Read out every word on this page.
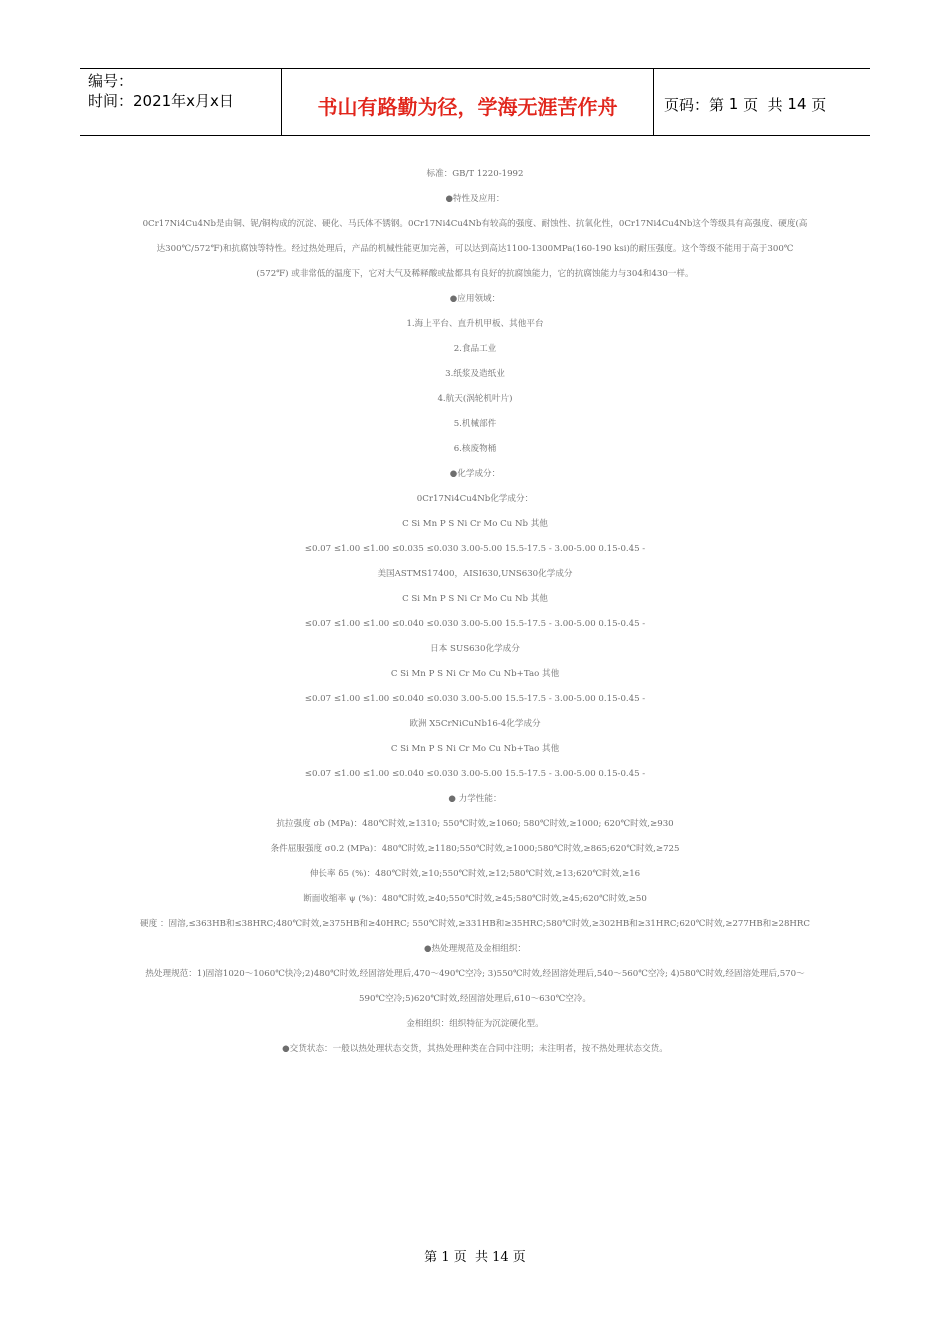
编号：
时间：2021年x月x日	书山有路勤为径，学海无涯苦作舟	页码：第 1 页  共 14 页

标准：GB/T 1220-1992

●特性及应用：

0Cr17Ni4Cu4Nb是由铜、铌/铜构成的沉淀、硬化、马氏体不锈钢。0Cr17Ni4Cu4Nb有较高的强度、耐蚀性、抗氧化性，0Cr17Ni4Cu4Nb这个等级具有高强度、硬度(高达300℃/572℉)和抗腐蚀等特性。经过热处理后，产品的机械性能更加完善，可以达到高达1100-1300MPa(160-190 ksi)的耐压强度。这个等级不能用于高于300℃ (572℉) 或非常低的温度下，它对大气及稀释酸或盐都具有良好的抗腐蚀能力，它的抗腐蚀能力与304和430一样。

●应用领域：

1.海上平台、直升机甲板、其他平台

2.食品工业

3.纸浆及造纸业

4.航天(涡轮机叶片)

5.机械部件

6.核废物桶

●化学成分：

0Cr17Ni4Cu4Nb化学成分：

C Si Mn P S Ni Cr Mo Cu Nb 其他

≤0.07 ≤1.00 ≤1.00 ≤0.035 ≤0.030 3.00-5.00 15.5-17.5 - 3.00-5.00 0.15-0.45 -

美国ASTMS17400，AISI630,UNS630化学成分

C Si Mn P S Ni Cr Mo Cu Nb 其他

≤0.07 ≤1.00 ≤1.00 ≤0.040 ≤0.030 3.00-5.00 15.5-17.5 - 3.00-5.00 0.15-0.45 -

日本 SUS630化学成分

C Si Mn P S Ni Cr Mo Cu Nb+Tao 其他

≤0.07 ≤1.00 ≤1.00 ≤0.040 ≤0.030 3.00-5.00 15.5-17.5 - 3.00-5.00 0.15-0.45 -

欧洲 X5CrNiCuNb16-4化学成分

C Si Mn P S Ni Cr Mo Cu Nb+Tao 其他

≤0.07 ≤1.00 ≤1.00 ≤0.040 ≤0.030 3.00-5.00 15.5-17.5 - 3.00-5.00 0.15-0.45 -

● 力学性能：

抗拉强度 σb (MPa)：480℃时效,≥1310; 550℃时效,≥1060; 580℃时效,≥1000; 620℃时效,≥930

条件屈服强度 σ0.2 (MPa)：480℃时效,≥1180;550℃时效,≥1000;580℃时效,≥865;620℃时效,≥725

伸长率 δ5 (%)：480℃时效,≥10;550℃时效,≥12;580℃时效,≥13;620℃时效,≥16

断面收缩率 ψ (%)：480℃时效,≥40;550℃时效,≥45;580℃时效,≥45;620℃时效,≥50

硬度 ：固溶,≤363HB和≤38HRC;480℃时效,≥375HB和≥40HRC; 550℃时效,≥331HB和≥35HRC;580℃时效,≥302HB和≥31HRC;620℃时效,≥277HB和≥28HRC

●热处理规范及金相组织：

热处理规范：1)固溶1020～1060℃快冷;2)480℃时效,经固溶处理后,470～490℃空冷; 3)550℃时效,经固溶处理后,540～560℃空冷; 4)580℃时效,经固溶处理后,570～590℃空冷;5)620℃时效,经固溶处理后,610～630℃空冷。

金相组织：组织特征为沉淀硬化型。

●交货状态：一般以热处理状态交货，其热处理种类在合同中注明；未注明者，按不热处理状态交货。

第 1 页  共 14 页
